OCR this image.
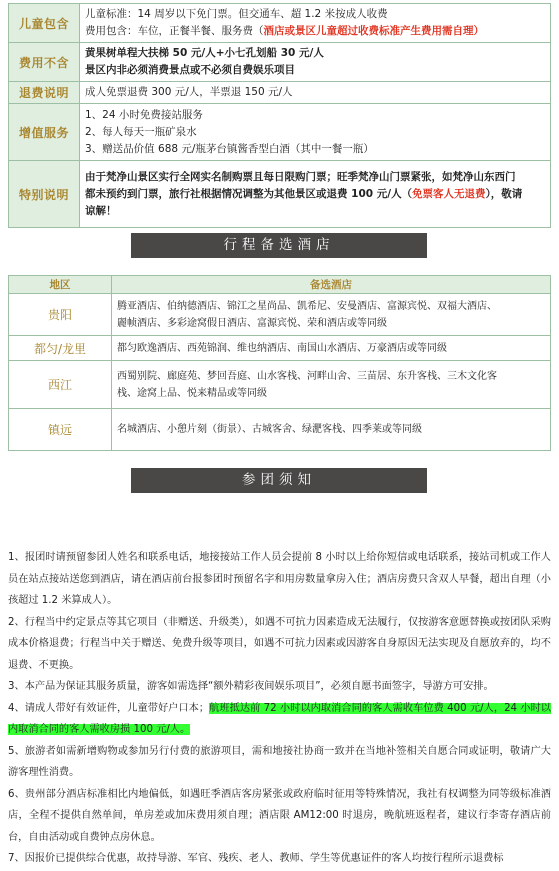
儿童包含	儿童标准：14 周岁以下免门票。但交通车、超 1.2 米按成人收费

费用包含：车位，正餐半餐、服务费（酒店或景区儿童超过收费标准产生费用需自理）

费用不含	黄果树单程大扶梯 50 元/人+小七孔划船 30 元/人

景区内非必须消费景点或不必须自费娱乐项目

退费说明	成人免票退费 300 元/人，半票退 150 元/人

增值服务	1、24 小时免费接站服务

2、每人每天一瓶矿泉水

3、赠送品价值 688 元/瓶茅台镇酱香型白酒（其中一餐一瓶）

特别说明	由于梵净山景区实行全网实名制购票且每日限购门票；旺季梵净山门票紧张，如梵净山东西门

都未预约到门票，旅行社根据情况调整为其他景区或退费 100 元/人（免票客人无退费），敬请

谅解！

行程备选酒店
地区	备选酒店
贵阳	腾亚酒店、伯纳德酒店、锦江之星尚品、凯希尼、安曼酒店、富源宾悦、双福大酒店、

麗帧酒店、多彩途窝假日酒店、富源宾悦、荣和酒店或等同级

都匀/龙里	都匀欧逸酒店、西苑锦润、维也纳酒店、南国山水酒店、万豪酒店或等同级

西江	西蜀别院、廊庭苑、梦回吾庭、山水客栈、河畔山舍、三苗居、东升客栈、三木文化客

栈、途窝上品、悦来精品或等同级

镇远	名城酒店、小憩片刻（街景）、古城客舍、绿淝客栈、四季莱或等同级

参团须知

1、报团时请预留参团人姓名和联系电话，地接接站工作人员会提前 8 小时以上给你短信或电话联系，接站司机或工作人员在站点接站送您到酒店，请在酒店前台报参团时预留名字和用房数量拿房入住；酒店房费只含双人早餐，超出自理（小孩超过 1.2 米算成人）。

2、行程当中约定景点等其它项目（非赠送、升级类），如遇不可抗力因素造成无法履行，仅按游客意愿替换或按团队采购成本价格退费；行程当中关于赠送、免费升级等项目，如遇不可抗力因素或因游客自身原因无法实现及自愿放弃的，均不退费、不更换。

3、本产品为保证其服务质量，游客如需选择“额外精彩夜间娱乐项目”，必须自愿书面签字，导游方可安排。

4、请成人带好有效证件，儿童带好户口本；航班抵达前 72 小时以内取消合同的客人需收车位费 400 元/人，24 小时以内取消合同的客人需收房损 100 元/人。

5、旅游者如需新增购物或参加另行付费的旅游项目，需和地接社协商一致并在当地补签相关自愿合同或证明，敬请广大游客理性消费。

6、贵州部分酒店标准相比内地偏低，如遇旺季酒店客房紧张或政府临时征用等特殊情况，我社有权调整为同等级标准酒店，全程不提供自然单间，单房差或加床费用须自理；酒店限 AM12:00 时退房，晚航班返程者，建议行李寄存酒店前台，自由活动或自费钟点房休息。

7、因报价已提供综合优惠，故持导游、军官、残疾、老人、教师、学生等优惠证件的客人均按行程所示退费标
